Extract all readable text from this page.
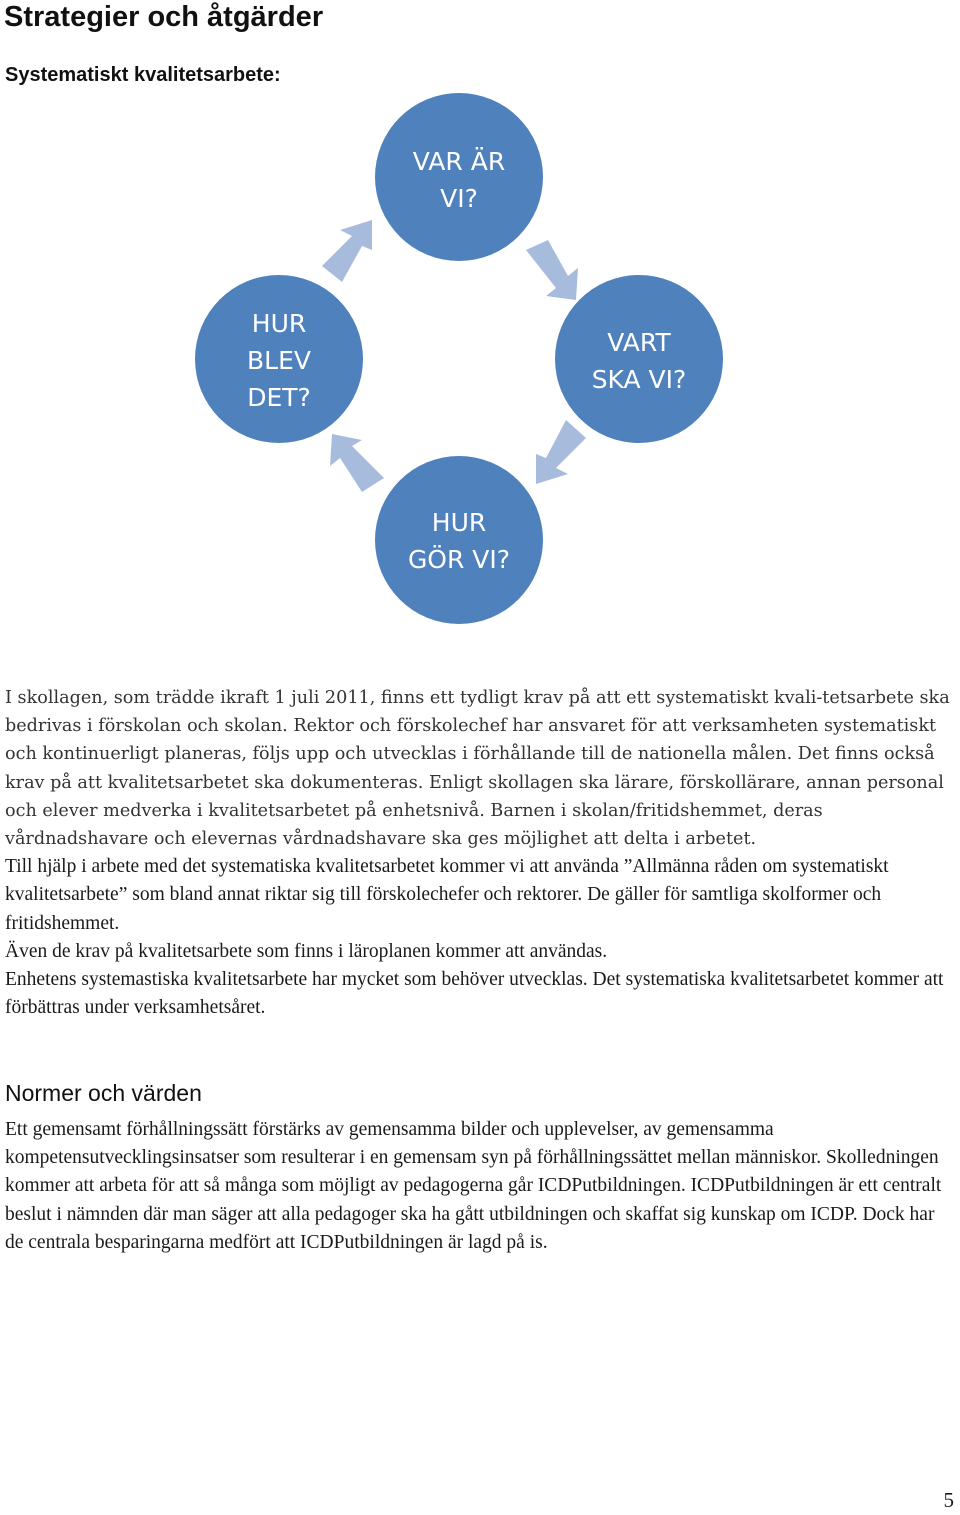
Strategier och åtgärder
Systematiskt kvalitetsarbete:
VAR ÄR
VI?
VART
SKA VI?
HUR
GÖR VI?
HUR
BLEV
DET?

I skollagen, som trädde ikraft 1 juli 2011, finns ett tydligt krav på att ett systematiskt kvali-tetsarbete ska bedrivas i förskolan och skolan. Rektor och förskolechef har ansvaret för att verksamheten systematiskt och kontinuerligt planeras, följs upp och utvecklas i förhållande till de nationella målen. Det finns också krav på att kvalitetsarbetet ska dokumenteras. Enligt skollagen ska lärare, förskollärare, annan personal och elever medverka i kvalitetsarbetet på enhetsnivå. Barnen i skolan/fritidshemmet, deras vårdnadshavare och elevernas vårdnadshavare ska ges möjlighet att delta i arbetet.

Till hjälp i arbete med det systematiska kvalitetsarbetet kommer vi att använda ”Allmänna råden om systematiskt kvalitetsarbete” som bland annat riktar sig till förskolechefer och rektorer. De gäller för samtliga skolformer och fritidshemmet.

Även de krav på kvalitetsarbete som finns i läroplanen kommer att användas.

Enhetens systemastiska kvalitetsarbete har mycket som behöver utvecklas. Det systematiska kvalitetsarbetet kommer att förbättras under verksamhetsåret.

Normer och värden

Ett gemensamt förhållningssätt förstärks av gemensamma bilder och upplevelser, av gemensamma kompetensutvecklingsinsatser som resulterar i en gemensam syn på förhållningssättet mellan människor. Skolledningen kommer att arbeta för att så många som möjligt av pedagogerna går ICDPutbildningen. ICDPutbildningen är ett centralt beslut i nämnden där man säger att alla pedagoger ska ha gått utbildningen och skaffat sig kunskap om ICDP. Dock har de centrala besparingarna medfört att ICDPutbildningen är lagd på is.

5
